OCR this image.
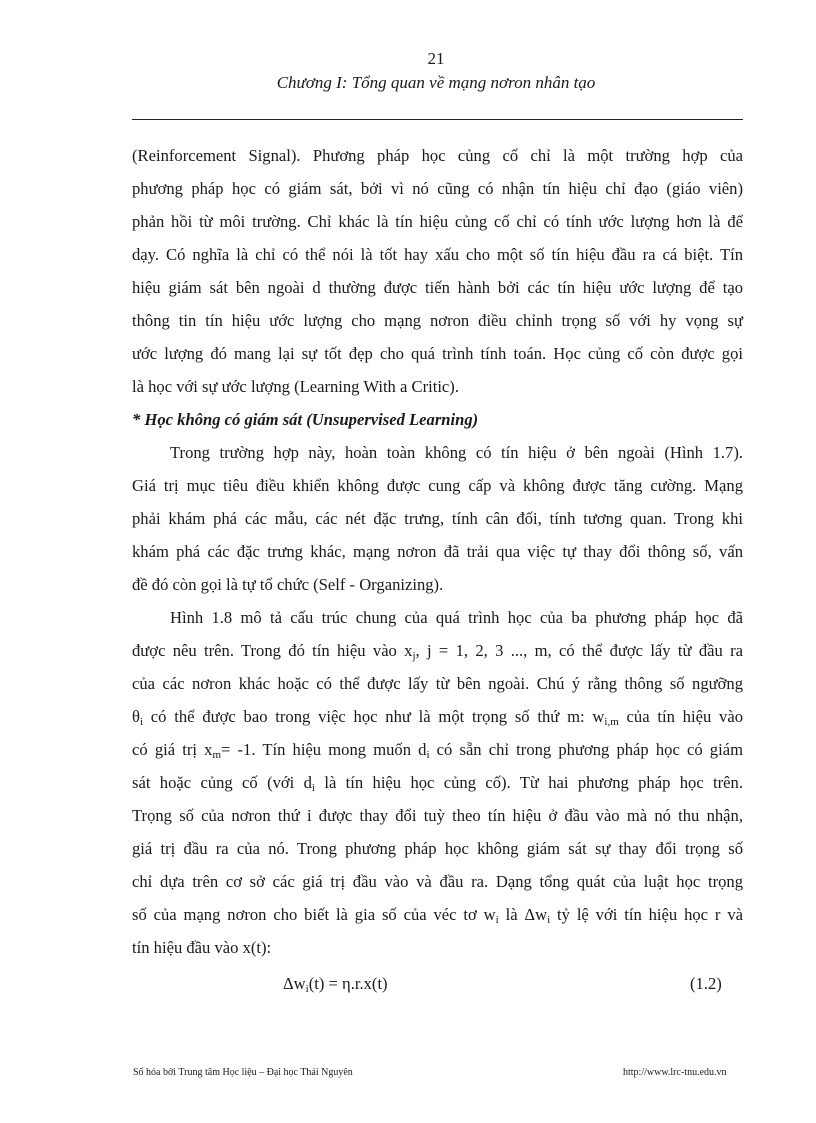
21
Chương I: Tổng quan về mạng nơron nhân tạo
(Reinforcement Signal). Phương pháp học củng cố chỉ là một trường hợp của
phương pháp học có giám sát, bởi vì nó cũng có nhận tín hiệu chỉ đạo (giáo viên)
phản hồi từ môi trường. Chỉ khác là tín hiệu củng cố chỉ có tính ước lượng hơn là để
dạy. Có nghĩa là chỉ có thể nói là tốt hay xấu cho một số tín hiệu đầu ra cá biệt. Tín
hiệu giám sát bên ngoài d thường được tiến hành bởi các tín hiệu ước lượng để tạo
thông tin tín hiệu ước lượng cho mạng nơron điều chỉnh trọng số với hy vọng sự
ước lượng đó mang lại sự tốt đẹp cho quá trình tính toán. Học củng cố còn được gọi
là học với sự ước lượng (Learning With a Critic).
* Học không có giám sát (Unsupervised Learning)
Trong trường hợp này, hoàn toàn không có tín hiệu ở bên ngoài (Hình 1.7).
Giá trị mục tiêu điều khiển không được cung cấp và không được tăng cường. Mạng
phải khám phá các mẫu, các nét đặc trưng, tính cân đối, tính tương quan. Trong khi
khám phá các đặc trưng khác, mạng nơron đã trải qua việc tự thay đổi thông số, vấn
đề đó còn gọi là tự tổ chức (Self - Organizing).
Hình 1.8 mô tả cấu trúc chung của quá trình học của ba phương pháp học đã
được nêu trên. Trong đó tín hiệu vào $x_j$, j = 1, 2, 3 ..., m, có thể được lấy từ đầu ra
của các nơron khác hoặc có thể được lấy từ bên ngoài. Chú ý rằng thông số ngưỡng
$\theta_i$ có thể được bao trong việc học như là một trọng số thứ m: $w_{i,m}$ của tín hiệu vào
có giá trị $x_m= -1$. Tín hiệu mong muốn $d_i$ có sẵn chỉ trong phương pháp học có giám
sát hoặc củng cố (với $d_i$ là tín hiệu học củng cố). Từ hai phương pháp học trên.
Trọng số của nơron thứ i được thay đổi tuỳ theo tín hiệu ở đầu vào mà nó thu nhận,
giá trị đầu ra của nó. Trong phương pháp học không giám sát sự thay đổi trọng số
chỉ dựa trên cơ sở các giá trị đầu vào và đầu ra. Dạng tổng quát của luật học trọng
số của mạng nơron cho biết là gia số của véc tơ $w_i$ là $\Delta w_i$ tỷ lệ với tín hiệu học r và
tín hiệu đầu vào x(t):
$\Delta w_i(t) = \eta.r.x(t)$	(1.2)
Số hóa bởi Trung tâm Học liệu – Đại học Thái Nguyên	http://www.lrc-tnu.edu.vn
